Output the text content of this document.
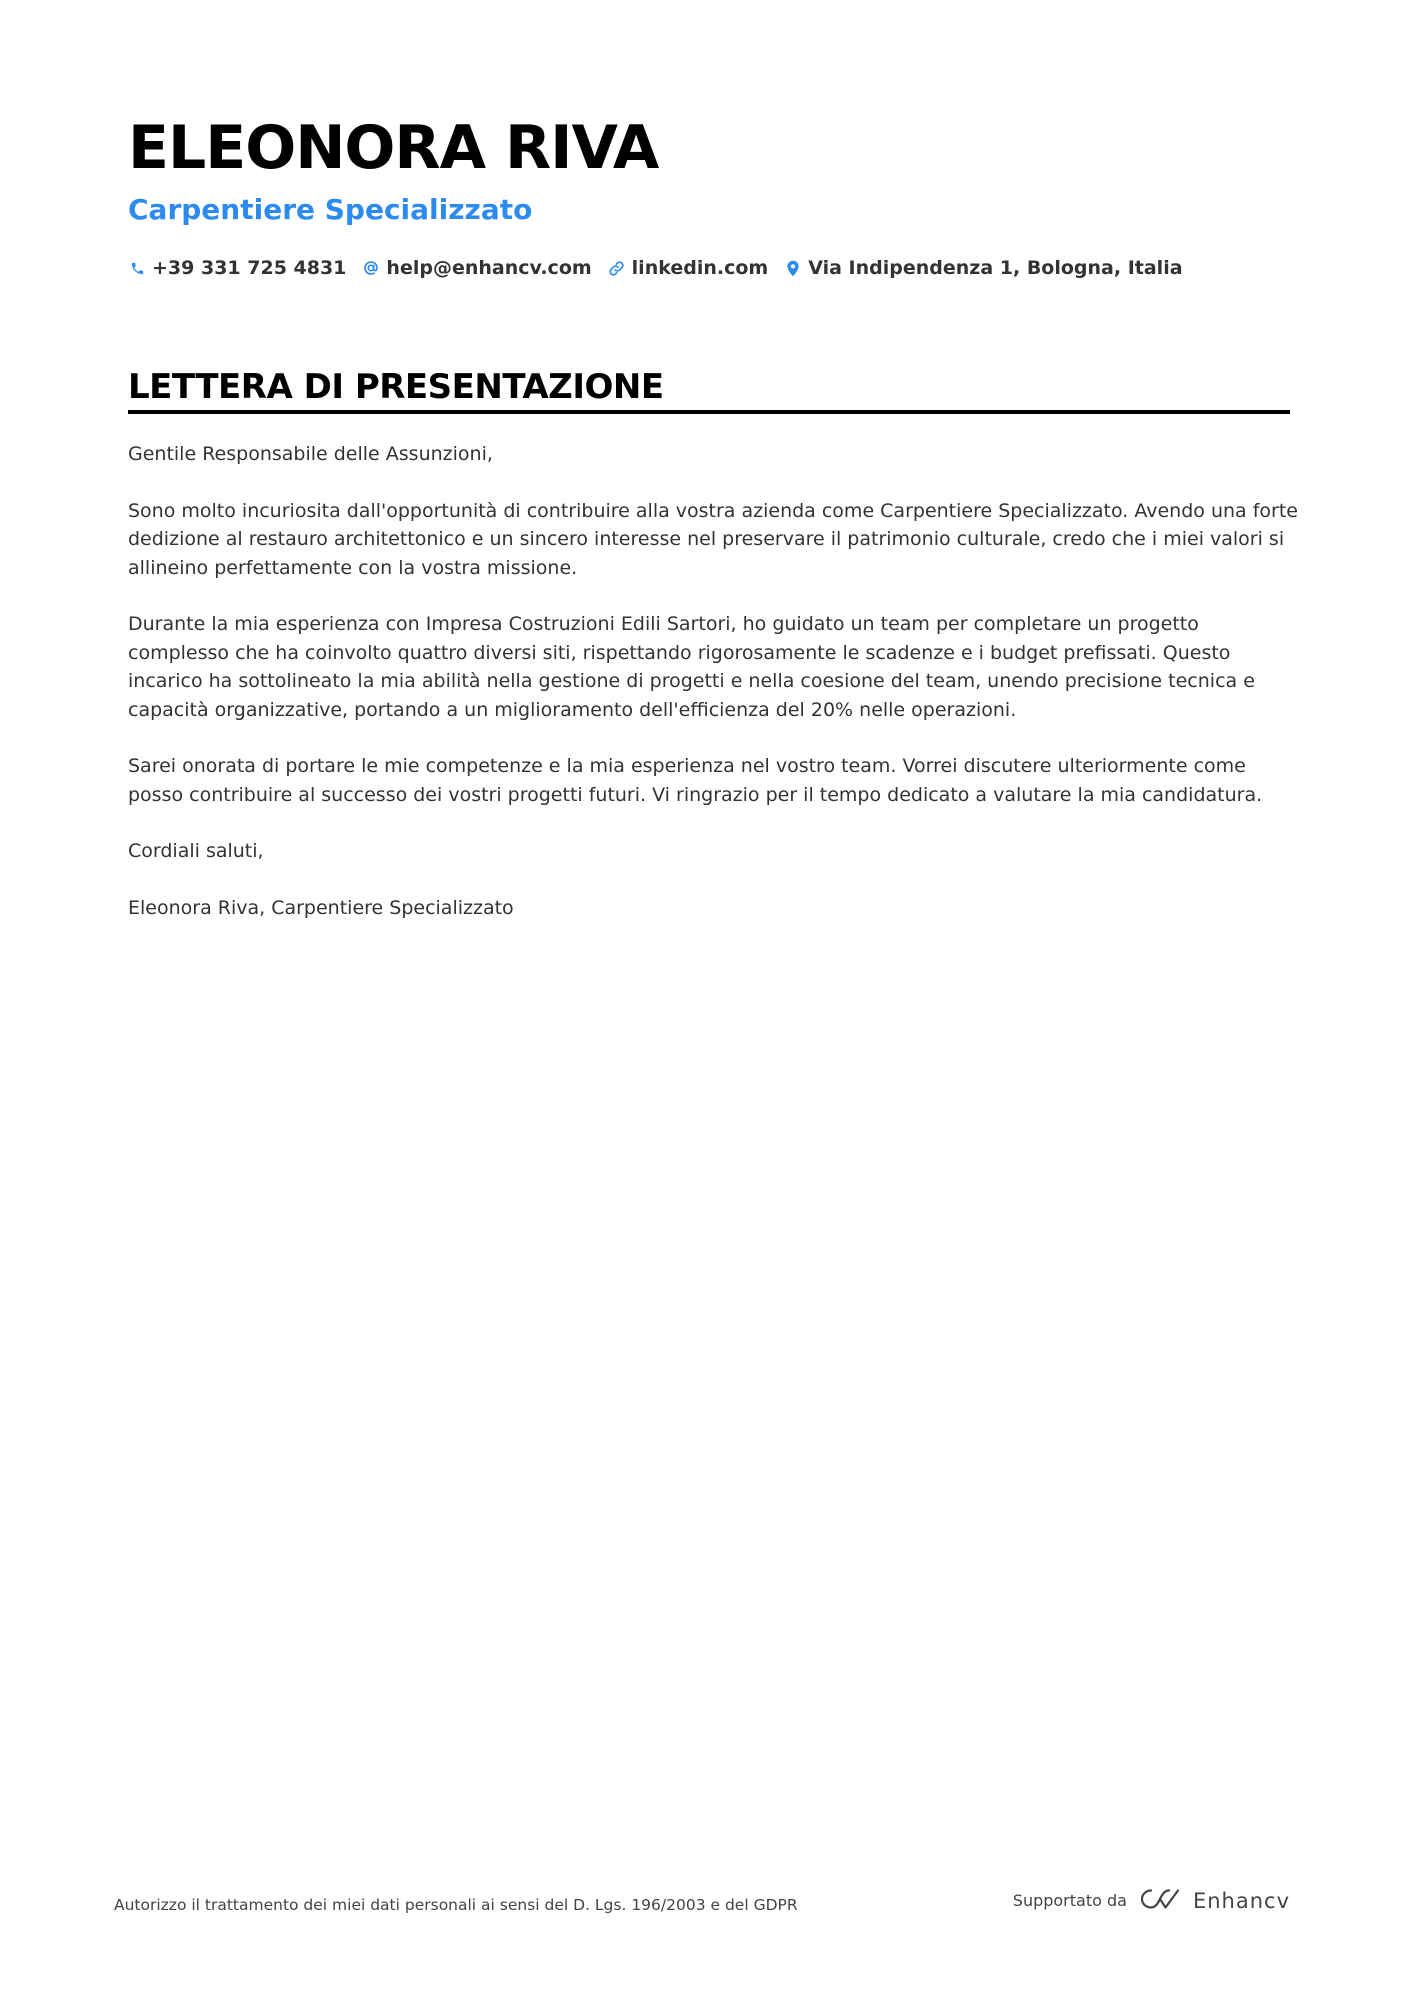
ELEONORA RIVA
Carpentiere Specializzato
+39 331 725 4831 help@enhancv.com linkedin.com Via Indipendenza 1, Bologna, Italia
LETTERA DI PRESENTAZIONE

Gentile Responsabile delle Assunzioni,

Sono molto incuriosita dall'opportunità di contribuire alla vostra azienda come Carpentiere Specializzato. Avendo una forte dedizione al restauro architettonico e un sincero interesse nel preservare il patrimonio culturale, credo che i miei valori si allineino perfettamente con la vostra missione.

Durante la mia esperienza con Impresa Costruzioni Edili Sartori, ho guidato un team per completare un progetto complesso che ha coinvolto quattro diversi siti, rispettando rigorosamente le scadenze e i budget prefissati. Questo incarico ha sottolineato la mia abilità nella gestione di progetti e nella coesione del team, unendo precisione tecnica e capacità organizzative, portando a un miglioramento dell'efficienza del 20% nelle operazioni.

Sarei onorata di portare le mie competenze e la mia esperienza nel vostro team. Vorrei discutere ulteriormente come posso contribuire al successo dei vostri progetti futuri. Vi ringrazio per il tempo dedicato a valutare la mia candidatura.

Cordiali saluti,

Eleonora Riva, Carpentiere Specializzato

Autorizzo il trattamento dei miei dati personali ai sensi del D. Lgs. 196/2003 e del GDPR	Supportato da	Enhancv
